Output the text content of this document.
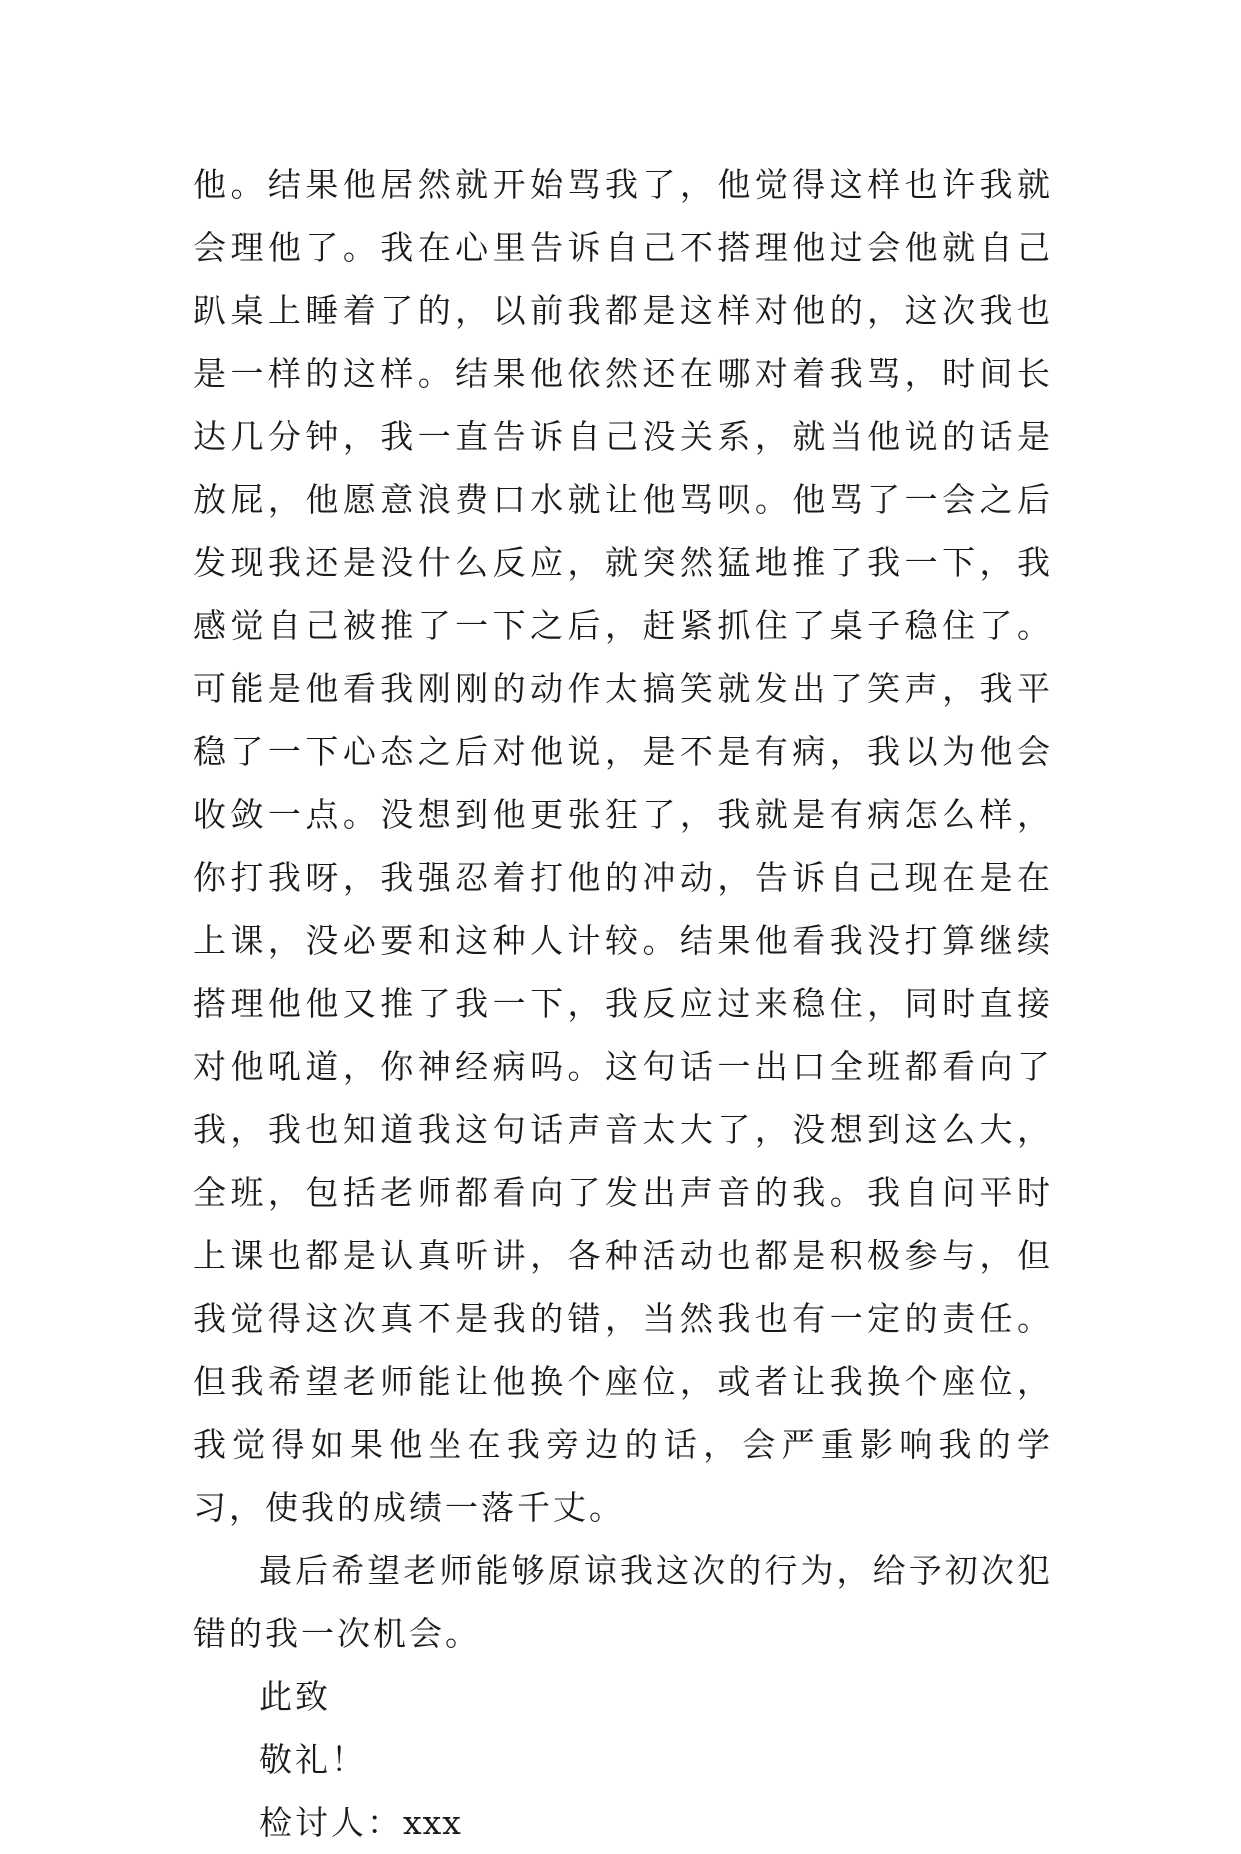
他。结果他居然就开始骂我了，他觉得这样也许我就会理他了。我在心里告诉自己不搭理他过会他就自己趴桌上睡着了的，以前我都是这样对他的，这次我也是一样的这样。结果他依然还在哪对着我骂，时间长达几分钟，我一直告诉自己没关系，就当他说的话是放屁，他愿意浪费口水就让他骂呗。他骂了一会之后发现我还是没什么反应，就突然猛地推了我一下，我感觉自己被推了一下之后，赶紧抓住了桌子稳住了。可能是他看我刚刚的动作太搞笑就发出了笑声，我平稳了一下心态之后对他说，是不是有病，我以为他会收敛一点。没想到他更张狂了，我就是有病怎么样，你打我呀，我强忍着打他的冲动，告诉自己现在是在上课，没必要和这种人计较。结果他看我没打算继续搭理他他又推了我一下，我反应过来稳住，同时直接对他吼道，你神经病吗。这句话一出口全班都看向了我，我也知道我这句话声音太大了，没想到这么大，全班，包括老师都看向了发出声音的我。我自问平时上课也都是认真听讲，各种活动也都是积极参与，但我觉得这次真不是我的错，当然我也有一定的责任。但我希望老师能让他换个座位，或者让我换个座位，我觉得如果他坐在我旁边的话，会严重影响我的学习，使我的成绩一落千丈。

最后希望老师能够原谅我这次的行为，给予初次犯错的我一次机会。

此致
敬礼！
检讨人：xxx
